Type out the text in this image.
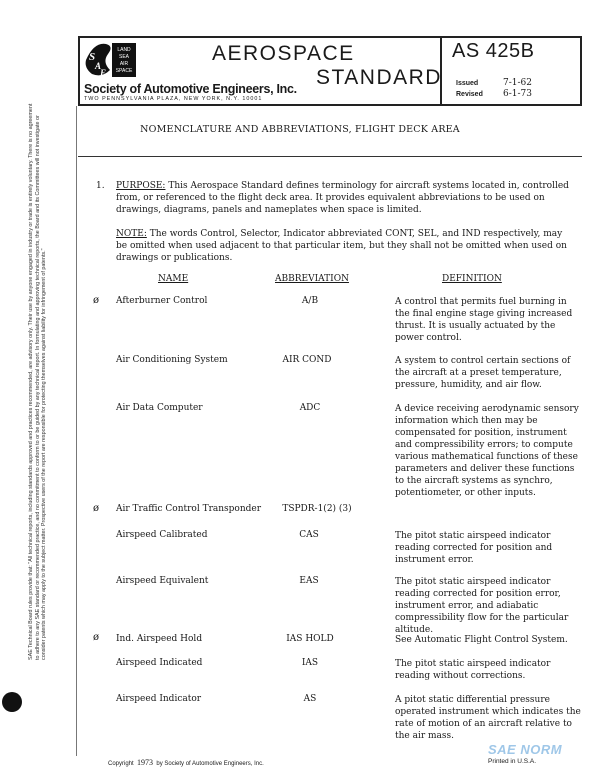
S
A
E
LAND
SEA
AIR
SPACE
AEROSPACE
STANDARD
Society of Automotive Engineers, Inc.
TWO PENNSYLVANIA PLAZA, NEW YORK, N.Y. 10001
AS 425B
Issued
Revised
7-1-62
6-1-73
NOMENCLATURE AND ABBREVIATIONS, FLIGHT DECK AREA
SAE Technical Board rules provide that: "All technical reports, including standards approved and practices recommended, are advisory only. Their use by anyone engaged in industry or trade is entirely voluntary. There is no agreement to adhere to any SAE standard or recommended practice, and no commitment to conform to or be guided by any technical report. In formulating and approving technical reports, the Board and its Committees will not investigate or consider patents which may apply to the subject matter. Prospective users of the report are responsible for protecting themselves against liability for infringement of patents."
1. PURPOSE: This Aerospace Standard defines terminology for aircraft systems located in, controlled from, or referenced to the flight deck area. It provides equivalent abbreviations to be used on drawings, diagrams, panels and nameplates when space is limited.
NOTE: The words Control, Selector, Indicator abbreviated CONT, SEL, and IND respectively, may be omitted when used adjacent to that particular item, but they shall not be omitted when used on drawings or publications.
NAME	ABBREVIATION	DEFINITION
ø Afterburner Control	A/B	A control that permits fuel burning in the final engine stage giving increased thrust. It is usually actuated by the power control.
Air Conditioning System	AIR COND	A system to control certain sections of the aircraft at a preset temperature, pressure, humidity, and air flow.
Air Data Computer	ADC	A device receiving aerodynamic sensory information which then may be compensated for position, instrument and compressibility errors; to compute various mathematical functions of these parameters and deliver these functions to the aircraft systems as synchro, potentiometer, or other inputs.
ø Air Traffic Control Transponder	TSPDR-1(2) (3)
Airspeed Calibrated	CAS	The pitot static airspeed indicator reading corrected for position and instrument error.
Airspeed Equivalent	EAS	The pitot static airspeed indicator reading corrected for position error, instrument error, and adiabatic compressibility flow for the particular altitude.
ø Ind. Airspeed Hold	IAS HOLD	See Automatic Flight Control System.
Airspeed Indicated	IAS	The pitot static airspeed indicator reading without corrections.
Airspeed Indicator	AS	A pitot static differential pressure operated instrument which indicates the rate of motion of an aircraft relative to the air mass.
Copyright 1973 by Society of Automotive Engineers, Inc.
SAE NORM
Printed in U.S.A.
